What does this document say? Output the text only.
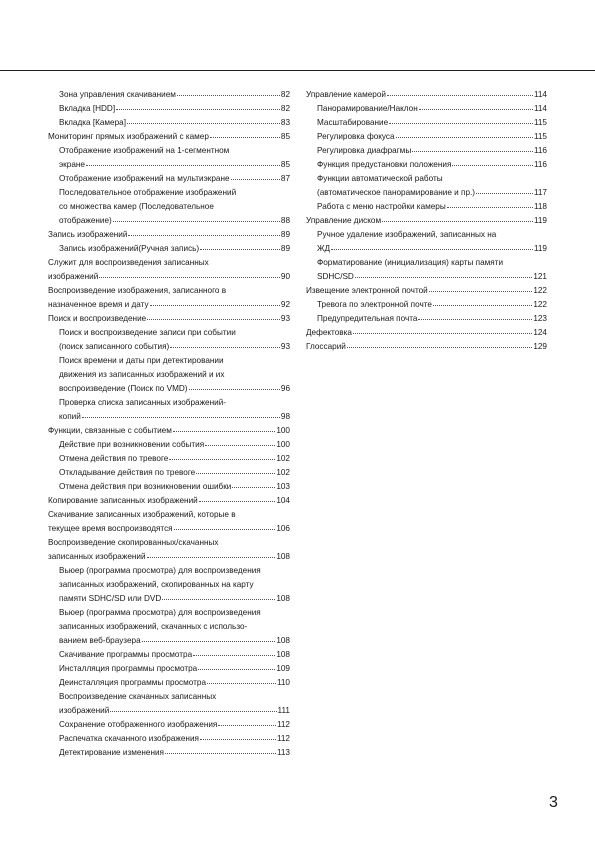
Зона управления скачиванием	82
Вкладка [HDD]	82
Вкладка [Камера]	83
Мониторинг прямых изображений с камер	85
Отображение изображений на 1-сегментном
экране	85
Отображение изображений на мультиэкране	87
Последовательное отображение изображений
со множества камер (Последовательное
отображение)	88
Запись изображений	89
Запись изображений(Ручная запись)	89
Служит для воспроизведения записанных
изображений	90
Воспроизведение изображения, записанного в
назначенное время и дату	92
Поиск и воспроизведение	93
Поиск и воспроизведение записи при событии
(поиск записанного события)	93
Поиск времени и даты при детектировании
движения из записанных изображений и их
воспроизведение (Поиск по VMD)	96
Проверка списка записанных изображений-
копий	98
Функции, связанные с событием	100
Действие при возникновении события	100
Отмена действия по тревоге	102
Откладывание действия по тревоге	102
Отмена действия при возникновении ошибки	103
Копирование записанных изображений	104
Скачивание записанных изображений, которые в
текущее время воспроизводятся	106
Воспроизведение скопированных/скачанных
записанных изображений	108
Вьюер (программа просмотра) для воспроизведения
записанных изображений, скопированных на карту
памяти SDHC/SD или DVD	108
Вьюер (программа просмотра) для воспроизведения
записанных изображений, скачанных с использо-
ванием веб-браузера	108
Скачивание программы просмотра	108
Инсталляция программы просмотра	109
Деинсталляция программы просмотра	110
Воспроизведение скачанных записанных
изображений	111
Сохранение отображенного изображения	112
Распечатка скачанного изображения	112
Детектирование изменения	113
Управление камерой	114
Панорамирование/Наклон	114
Масштабирование	115
Регулировка фокуса	115
Регулировка диафрагмы	116
Функция предустановки положения	116
Функции автоматической работы
(автоматическое панорамирование и пр.)	117
Работа с меню настройки камеры	118
Управление диском	119
Ручное удаление изображений, записанных на
ЖД	119
Форматирование (инициализация) карты памяти
SDHC/SD	121
Извещение электронной почтой	122
Тревога по электронной почте	122
Предупредительная почта	123
Дефектовка	124
Глоссарий	129
3
